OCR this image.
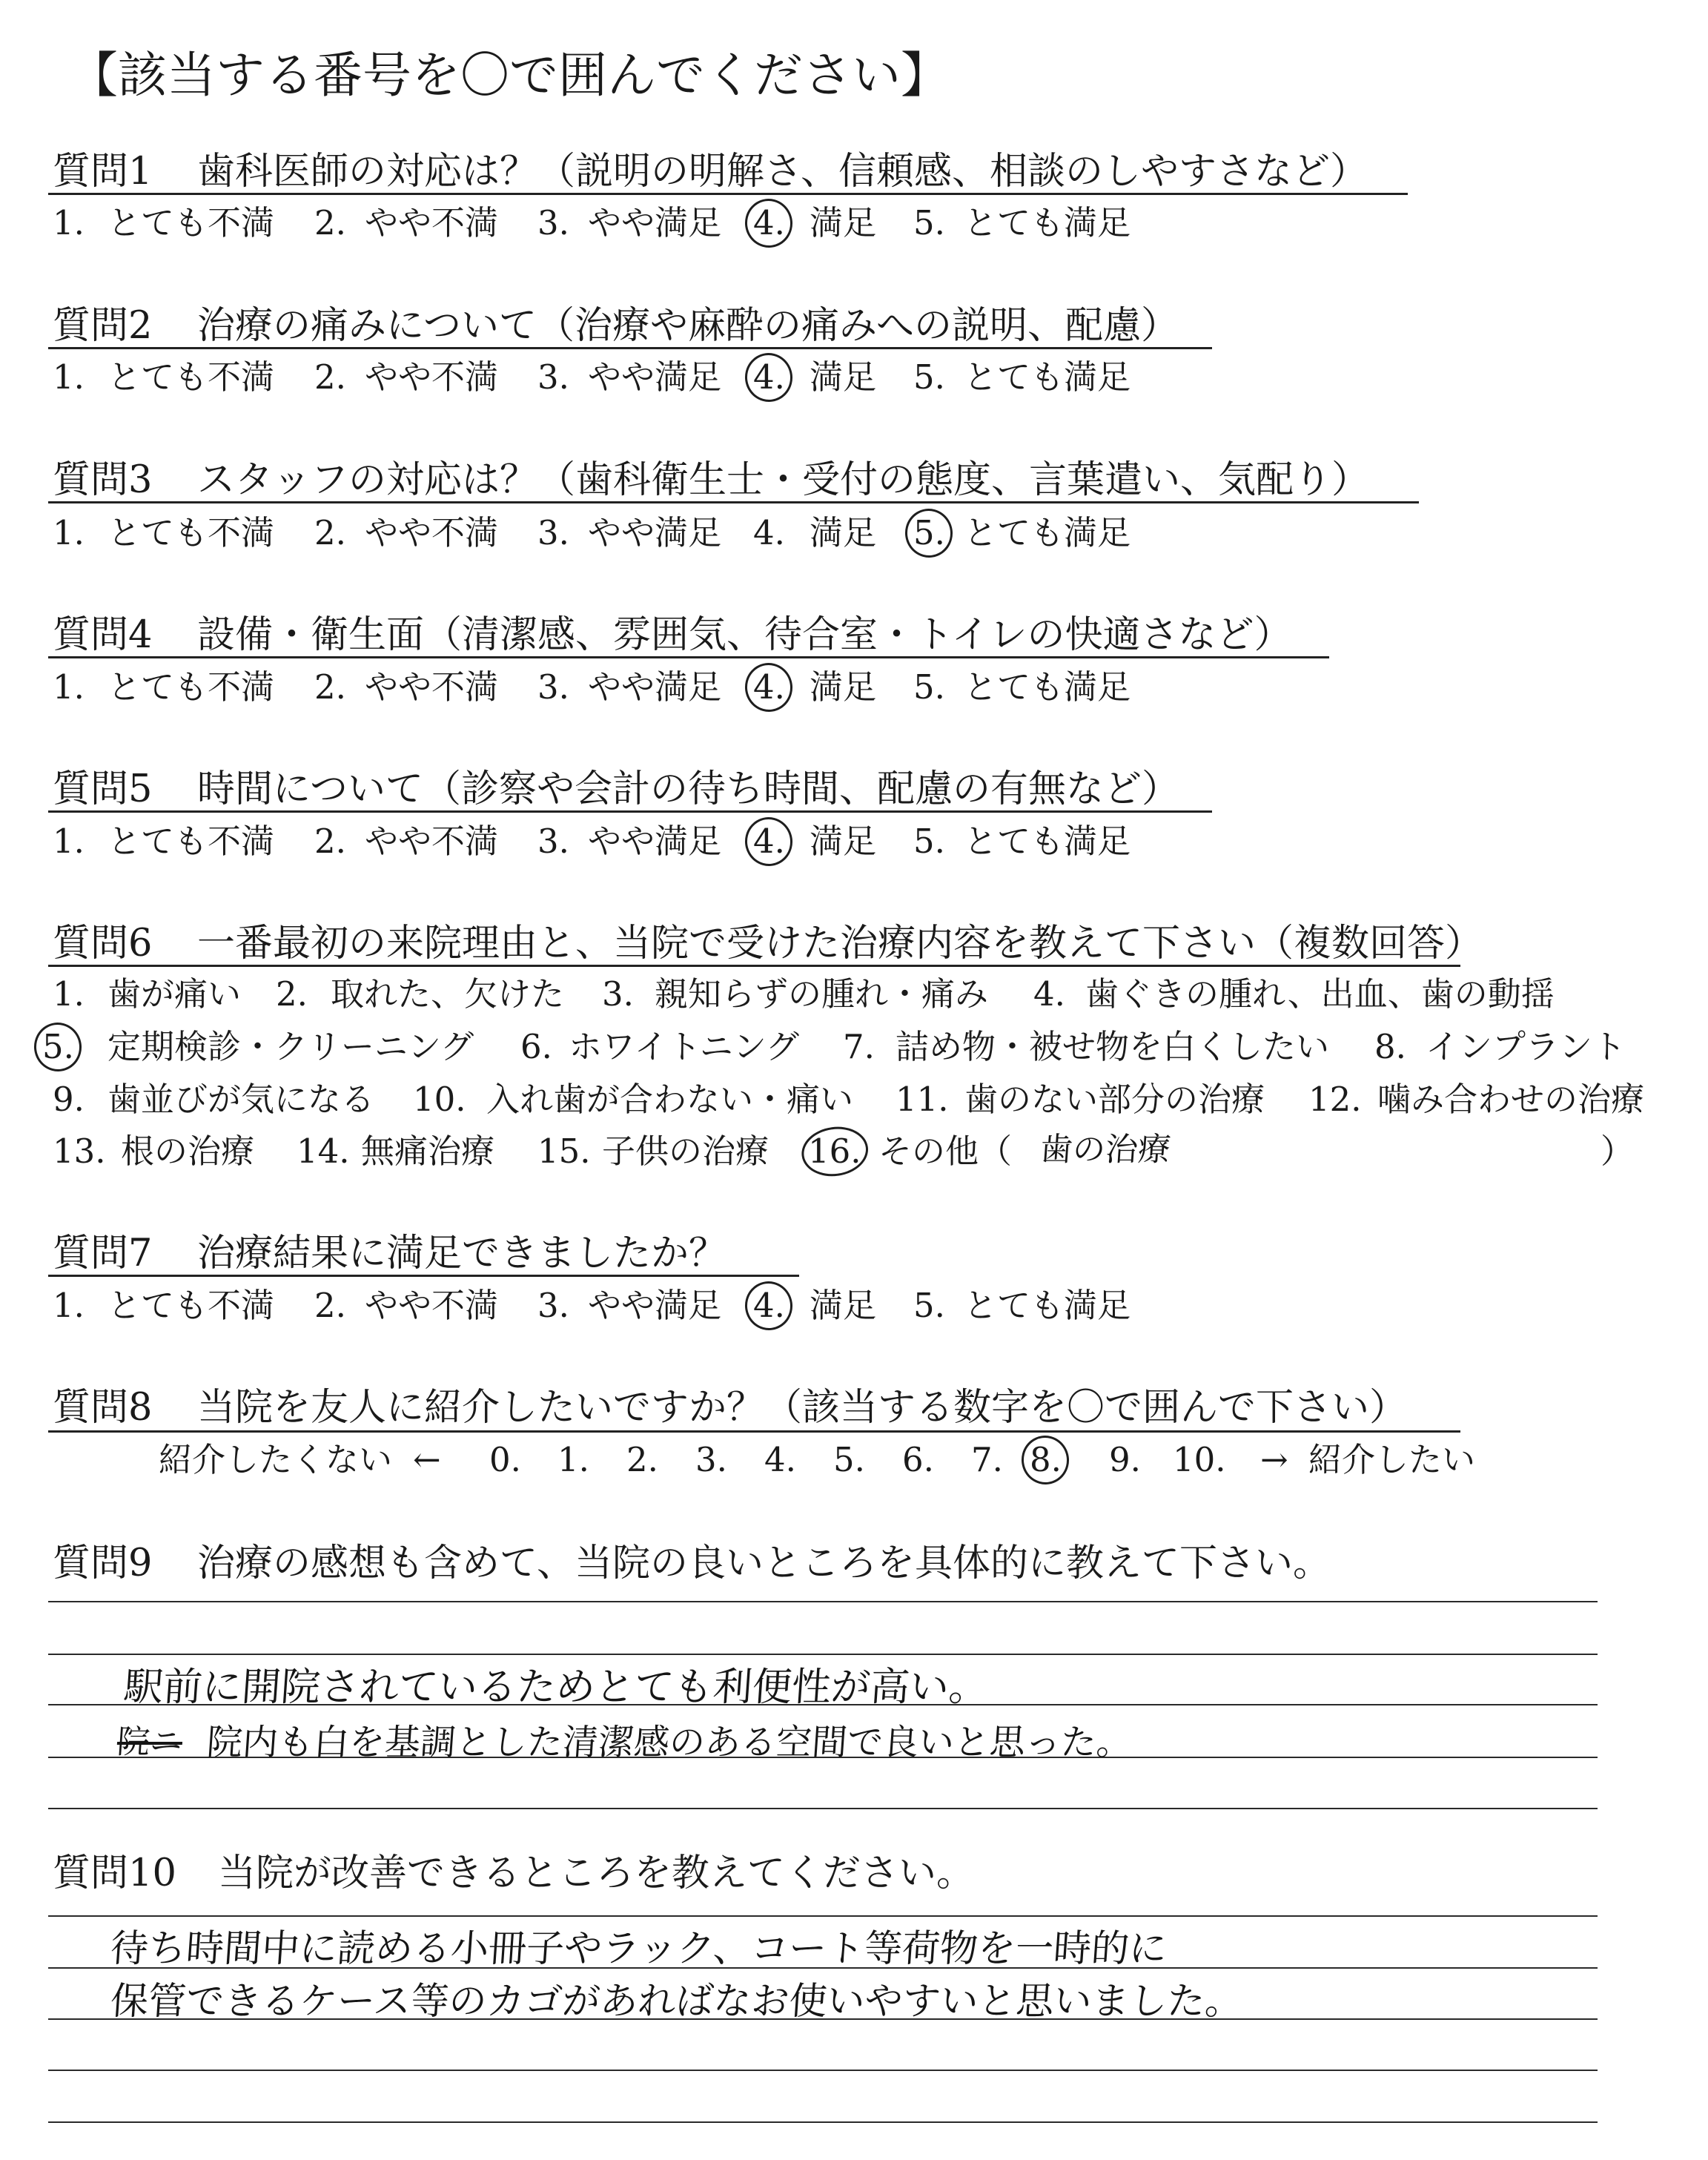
【該当する番号を〇で囲んでください】
質問1 歯科医師の対応は？（説明の明解さ、信頼感、相談のしやすさなど）
1. とても不満 2. やや不満 3. やや満足 4. 満足 5. とても満足
質問2 治療の痛みについて（治療や麻酔の痛みへの説明、配慮）
1. とても不満 2. やや不満 3. やや満足 4. 満足 5. とても満足
質問3 スタッフの対応は？（歯科衛生士・受付の態度、言葉遣い、気配り）
1. とても不満 2. やや不満 3. やや満足 4. 満足 5. とても満足
質問4 設備・衛生面（清潔感、雰囲気、待合室・トイレの快適さなど）
1. とても不満 2. やや不満 3. やや満足 4. 満足 5. とても満足
質問5 時間について（診察や会計の待ち時間、配慮の有無など）
1. とても不満 2. やや不満 3. やや満足 4. 満足 5. とても満足
質問6 一番最初の来院理由と、当院で受けた治療内容を教えて下さい（複数回答）
1. 歯が痛い 2. 取れた、欠けた 3. 親知らずの腫れ・痛み 4. 歯ぐきの腫れ、出血、歯の動揺
5. 定期検診・クリーニング 6. ホワイトニング 7. 詰め物・被せ物を白くしたい 8. インプラント
9. 歯並びが気になる 10. 入れ歯が合わない・痛い 11. 歯のない部分の治療 12. 噛み合わせの治療
13. 根の治療 14. 無痛治療 15. 子供の治療 16. その他（ 歯の治療	）
質問7 治療結果に満足できましたか？
1. とても不満 2. やや不満 3. やや満足 4. 満足 5. とても満足
質問8 当院を友人に紹介したいですか？（該当する数字を〇で囲んで下さい）
紹介したくない ← 0. 1. 2. 3. 4. 5. 6. 7. 8. 9. 10. → 紹介したい
質問9 治療の感想も含めて、当院の良いところを具体的に教えて下さい。
駅前に開院されているためとても利便性が高い。
院ニ 院内も白を基調とした清潔感のある空間で良いと思った。
質問10 当院が改善できるところを教えてください。
待ち時間中に読める小冊子やラック、コート等荷物を一時的に
保管できるケース等のカゴがあればなお使いやすいと思いました。
